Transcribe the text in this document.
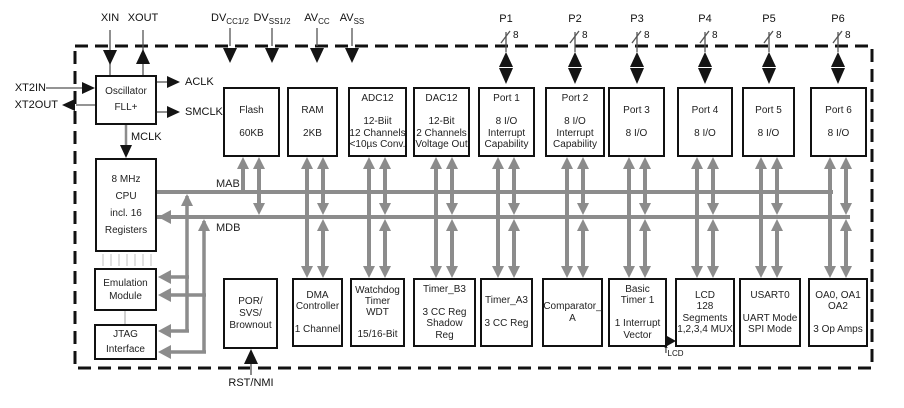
Oscillator
FLL+
8 MHz
CPU
incl. 16
Registers
Emulation
Module
JTAG
Interface
Flash
60KB
RAM
2KB
ADC12
12-Biit
12 Channels
<10µs Conv.
DAC12
12-Bit
2 Channels
Voltage Out
Port 1
8 I/O
Interrupt
Capability
Port 2
8 I/O
Interrupt
Capability
Port 3
8 I/O
Port 4
8 I/O
Port 5
8 I/O
Port 6
8 I/O
POR/
SVS/
Brownout
DMA
Controller
1 Channel
Watchdog
Timer
WDT
15/16-Bit
Timer_B3
3 CC Reg
Shadow
Reg
Timer_A3
3 CC Reg
Comparator_
A
Basic
Timer 1
1 Interrupt
Vector
LCD
128
Segments
1,2,3,4 MUX
USART0
UART Mode
SPI Mode
OA0, OA1
OA2
3 Op Amps
XIN XOUT	$DV_{CC1/2}$ $DV_{SS1/2}$ $AV_{CC}$ $AV_{SS}$	P1
8
P2
8
P3
8
P4
8
P5
8
P6
8
MAB
MDB
ACLK
SMCLK
MCLK
XT2IN
XT2OUT
RST/NMI
$f_{LCD}$
